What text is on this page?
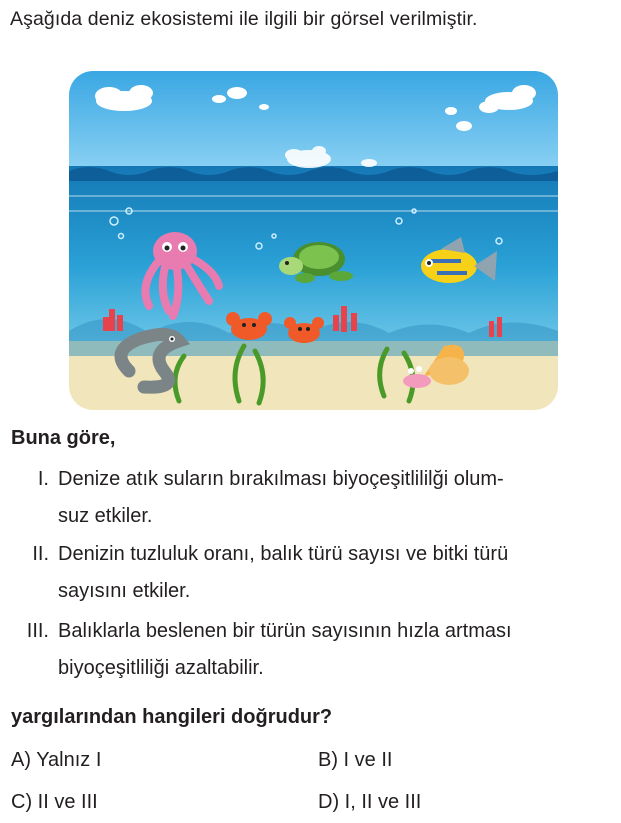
Aşağıda deniz ekosistemi ile ilgili bir görsel verilmiştir.
Buna göre,
I. Denize atık suların bırakılması biyoçeşitlililği olum-
suz etkiler.
II. Denizin tuzluluk oranı, balık türü sayısı ve bitki türü
sayısını etkiler.
III. Balıklarla beslenen bir türün sayısının hızla artması
biyoçeşitliliği azaltabilir.
yargılarından hangileri doğrudur?
A) Yalnız I	B) I ve II
C) II ve III	D) I, II ve III
